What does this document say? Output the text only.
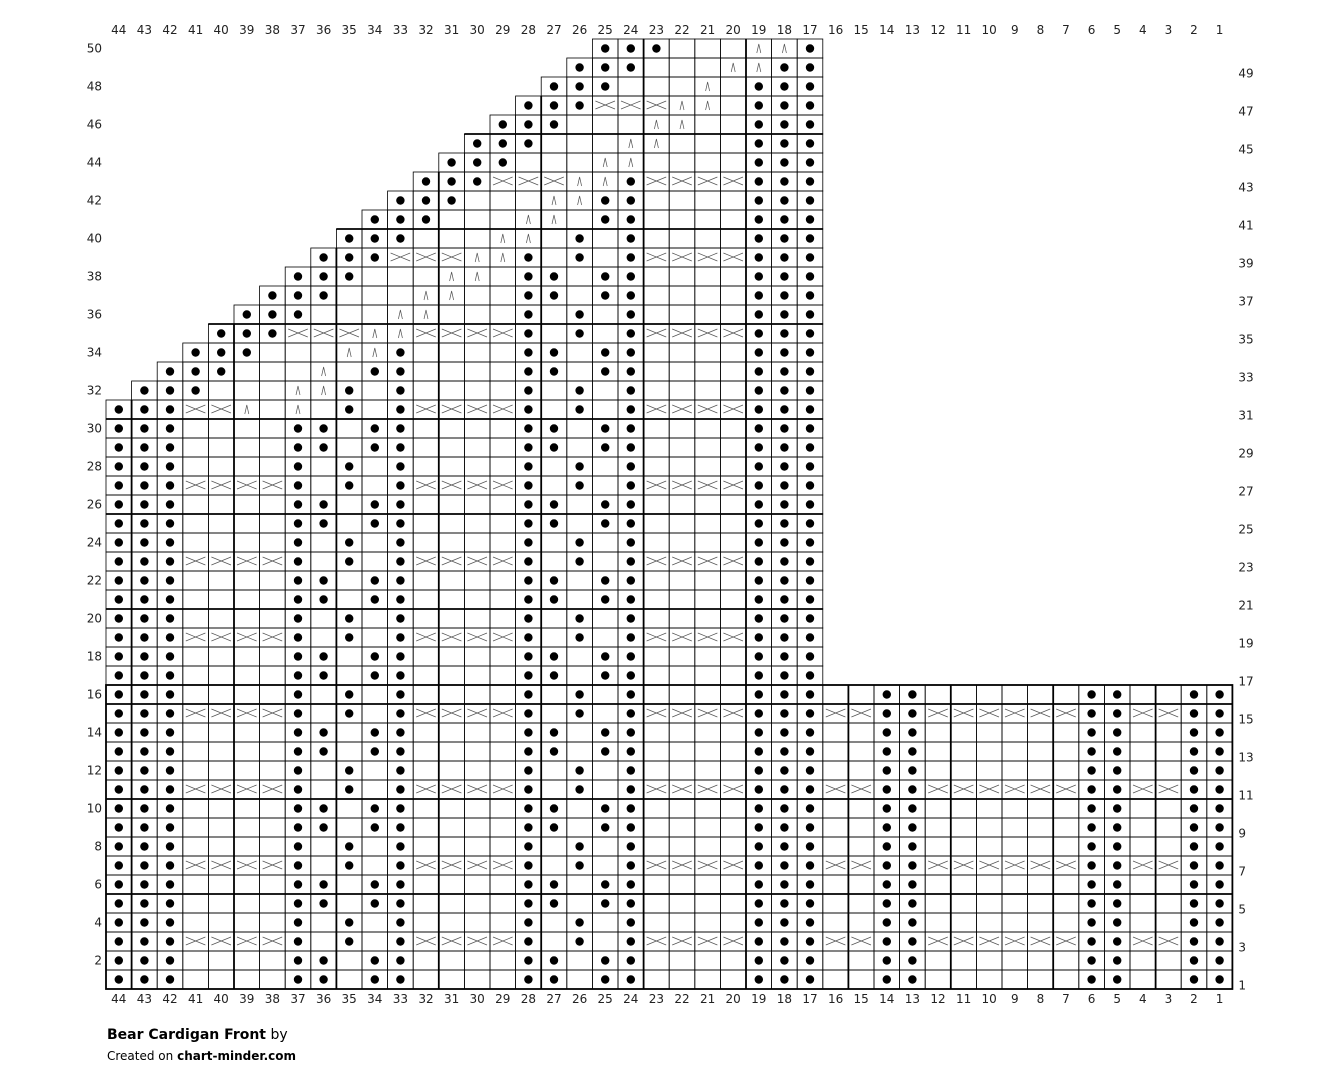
1
1
2
2
3
3
4
4
5
5
6
6
7
7
8
8
9
9
10
10
11
11
12
12
13
13
14
14
15
15
16
16
17
17
18
18
19
19
20
20
21
21
22
22
23
23
24
24
25
25
26
26
27
27
28
28
29
29
30
30
31
31
32
32
33
33
34
34
35
35
36
36
37
37
38
38
39
39
40
40
41
41
42
42
43
43
44
44
1
2
3
4
5
6
7
8
9
10
11
12
13
14
15
16
17
18
19
20
21
22
23
24
25
26
27
28
29
30
31
32
33
34
35
36
37
38
39
40
41
42
43
44
45
46
47
48
49
50
Bear Cardigan Front by
Created on chart-minder.com
